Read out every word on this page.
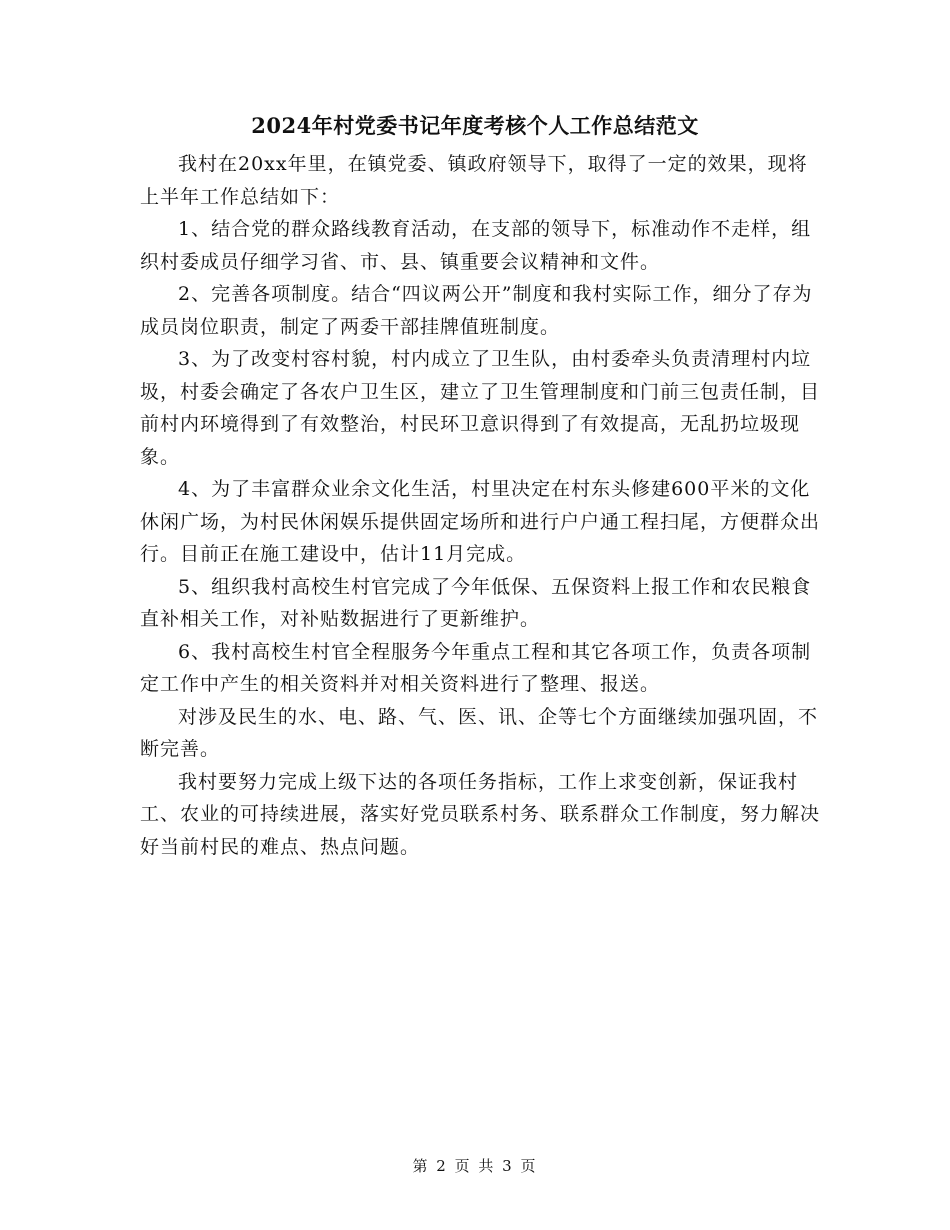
2024年村党委书记年度考核个人工作总结范文

我村在20xx年里，在镇党委、镇政府领导下，取得了一定的效果，现将上半年工作总结如下：

1、结合党的群众路线教育活动，在支部的领导下，标准动作不走样，组织村委成员仔细学习省、市、县、镇重要会议精神和文件。

2、完善各项制度。结合“四议两公开”制度和我村实际工作，细分了存为成员岗位职责，制定了两委干部挂牌值班制度。

3、为了改变村容村貌，村内成立了卫生队，由村委牵头负责清理村内垃圾，村委会确定了各农户卫生区，建立了卫生管理制度和门前三包责任制，目前村内环境得到了有效整治，村民环卫意识得到了有效提高，无乱扔垃圾现象。

4、为了丰富群众业余文化生活，村里决定在村东头修建600平米的文化休闲广场，为村民休闲娱乐提供固定场所和进行户户通工程扫尾，方便群众出行。目前正在施工建设中，估计11月完成。

5、组织我村高校生村官完成了今年低保、五保资料上报工作和农民粮食直补相关工作，对补贴数据进行了更新维护。

6、我村高校生村官全程服务今年重点工程和其它各项工作，负责各项制定工作中产生的相关资料并对相关资料进行了整理、报送。

对涉及民生的水、电、路、气、医、讯、企等七个方面继续加强巩固，不断完善。

我村要努力完成上级下达的各项任务指标，工作上求变创新，保证我村工、农业的可持续进展，落实好党员联系村务、联系群众工作制度，努力解决好当前村民的难点、热点问题。

第 2 页 共 3 页
